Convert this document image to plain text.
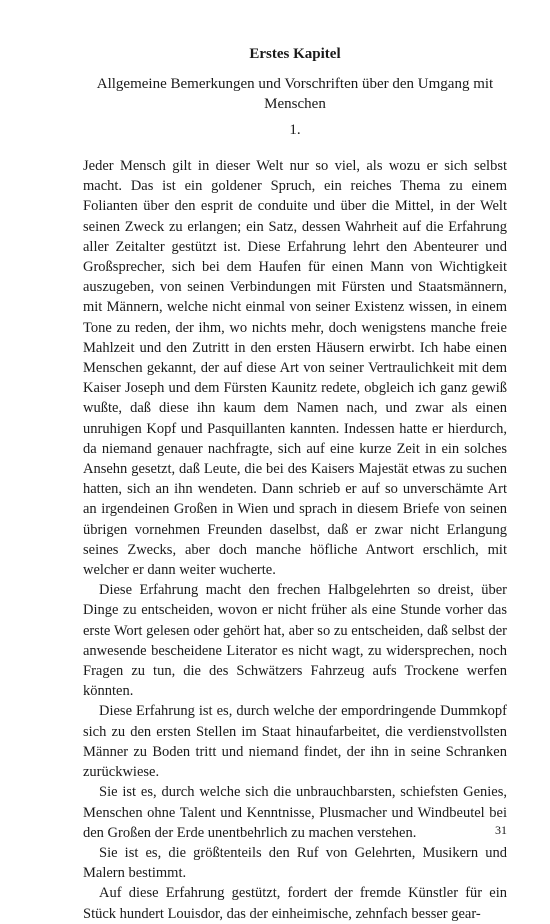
Erstes Kapitel
Allgemeine Bemerkungen und Vorschriften über den Umgang mit Menschen
1.

Jeder Mensch gilt in dieser Welt nur so viel, als wozu er sich selbst macht. Das ist ein goldener Spruch, ein reiches Thema zu einem Folianten über den esprit de conduite und über die Mittel, in der Welt seinen Zweck zu erlangen; ein Satz, dessen Wahrheit auf die Erfahrung aller Zeitalter gestützt ist. Diese Erfahrung lehrt den Abenteurer und Großsprecher, sich bei dem Haufen für einen Mann von Wichtigkeit auszugeben, von seinen Verbindungen mit Fürsten und Staatsmännern, mit Männern, welche nicht einmal von seiner Existenz wissen, in einem Tone zu reden, der ihm, wo nichts mehr, doch wenigstens manche freie Mahlzeit und den Zutritt in den ersten Häusern erwirbt. Ich habe einen Menschen gekannt, der auf diese Art von seiner Vertraulichkeit mit dem Kaiser Joseph und dem Fürsten Kaunitz redete, obgleich ich ganz gewiß wußte, daß diese ihn kaum dem Namen nach, und zwar als einen unruhigen Kopf und Pasquillanten kannten. Indessen hatte er hierdurch, da niemand genauer nachfragte, sich auf eine kurze Zeit in ein solches Ansehn gesetzt, daß Leute, die bei des Kaisers Majestät etwas zu suchen hatten, sich an ihn wendeten. Dann schrieb er auf so unverschämte Art an irgendeinen Großen in Wien und sprach in diesem Briefe von seinen übrigen vornehmen Freunden daselbst, daß er zwar nicht Erlangung seines Zwecks, aber doch manche höfliche Antwort erschlich, mit welcher er dann weiter wucherte.

Diese Erfahrung macht den frechen Halbgelehrten so dreist, über Dinge zu entscheiden, wovon er nicht früher als eine Stunde vorher das erste Wort gelesen oder gehört hat, aber so zu entscheiden, daß selbst der anwesende bescheidene Literator es nicht wagt, zu widersprechen, noch Fragen zu tun, die des Schwätzers Fahrzeug aufs Trockene werfen könnten.

Diese Erfahrung ist es, durch welche der empordringende Dummkopf sich zu den ersten Stellen im Staat hinaufarbeitet, die verdienstvollsten Männer zu Boden tritt und niemand findet, der ihn in seine Schranken zurückwiese.

Sie ist es, durch welche sich die unbrauchbarsten, schiefsten Genies, Menschen ohne Talent und Kenntnisse, Plusmacher und Windbeutel bei den Großen der Erde unentbehrlich zu machen verstehen.

Sie ist es, die größtenteils den Ruf von Gelehrten, Musikern und Malern bestimmt.

Auf diese Erfahrung gestützt, fordert der fremde Künstler für ein Stück hundert Louisdor, das der einheimische, zehnfach besser gear-

31
